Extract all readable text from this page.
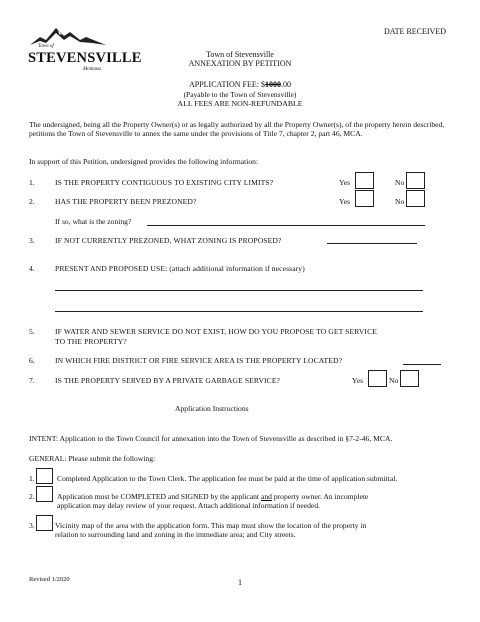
DATE RECEIVED
Town of
STEVENSVILLE
Montana
Town of Stevensville
ANNEXATION BY PETITION
APPLICATION FEE: $1000.00
(Payable to the Town of Stevensville)
ALL FEES ARE NON-REFUNDABLE
The undersigned, being all the Property Owner(s) or as legally authorized by all the Property Owner(s), of the property herein described, petitions the Town of Stevensville to annex the same under the provisions of Title 7, chapter 2, part 46, MCA.
In support of this Petition, undersigned provides the following information:
1.	IS THE PROPERTY CONTIGUOUS TO EXISTING CITY LIMITS?	Yes	No
2.	HAS THE PROPERTY BEEN PREZONED?	Yes	No
If so, what is the zoning?
3.	IF NOT CURRENTLY PREZONED, WHAT ZONING IS PROPOSED?
4.	PRESENT AND PROPOSED USE: (attach additional information if necessary)
5.	IF WATER AND SEWER SERVICE DO NOT EXIST, HOW DO YOU PROPOSE TO GET SERVICE
TO THE PROPERTY?
6.	IN WHICH FIRE DISTRICT OR FIRE SERVICE AREA IS THE PROPERTY LOCATED?
7.	IS THE PROPERTY SERVED BY A PRIVATE GARBAGE SERVICE?	Yes	No
Application Instructions
INTENT: Application to the Town Council for annexation into the Town of Stevensville as described in §7-2-46, MCA.
GENERAL: Please submit the following:
1.	Completed Application to the Town Clerk. The application fee must be paid at the time of application submittal.
2.	Application must be COMPLETED and SIGNED by the applicant and property owner. An incomplete
application may delay review of your request. Attach additional information if needed.
3.	Vicinity map of the area with the application form. This map must show the location of the property in
relation to surrounding land and zoning in the immediate area; and City streets.
Revised 1/2020	1
